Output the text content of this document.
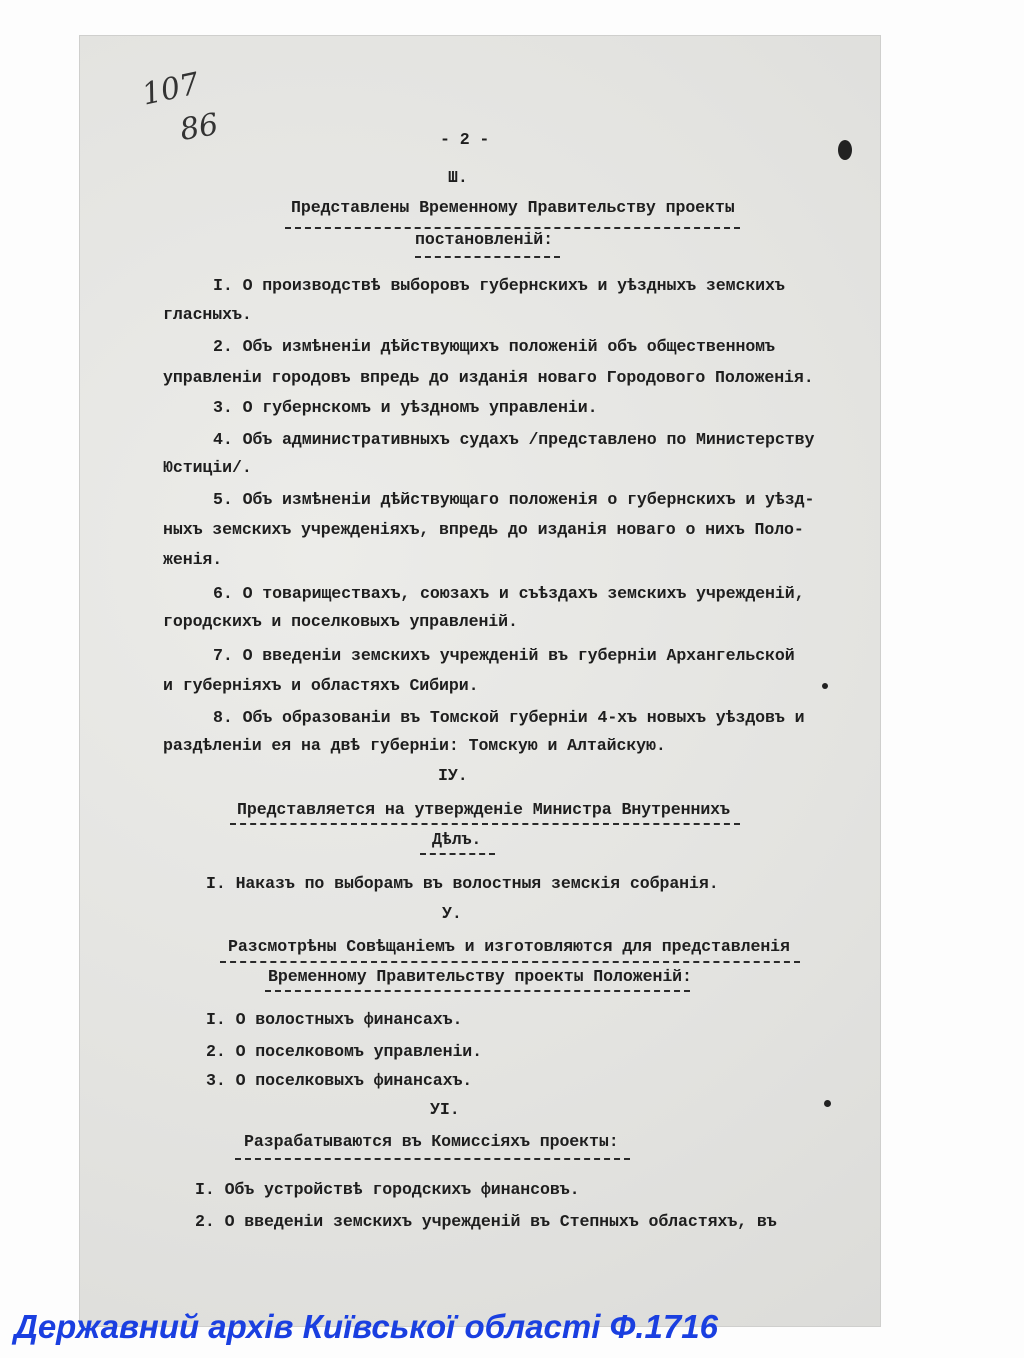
107
86	- 2 -
Ш.
Представлены Временному Правительству проекты
постановленій:
I. О производствѣ выборовъ губернскихъ и уѣздныхъ земскихъ
гласныхъ.
2. Объ измѣненіи дѣйствующихъ положеній объ общественномъ
управленіи городовъ впредь до изданія новаго Городового Положенія.
3. О губернскомъ и уѣздномъ управленіи.
4. Объ административныхъ судахъ /представлено по Министерству
Юстиціи/.
5. Объ измѣненіи дѣйствующаго положенія о губернскихъ и уѣзд-
ныхъ земскихъ учрежденіяхъ, впредь до изданія новаго о нихъ Поло-
женія.
6. О товариществахъ, союзахъ и съѣздахъ земскихъ учрежденій,
городскихъ и поселковыхъ управленій.
7. О введеніи земскихъ учрежденій въ губерніи Архангельской
и губерніяхъ и областяхъ Сибири.
8. Объ образованіи въ Томской губерніи 4-хъ новыхъ уѣздовъ и
раздѣленіи ея на двѣ губерніи: Томскую и Алтайскую.
IУ.
Представляется на утвержденіе Министра Внутреннихъ
Дѣлъ.
I. Наказъ по выборамъ въ волостныя земскія собранія.
У.
Разсмотрѣны Совѣщаніемъ и изготовляются для представленія
Временному Правительству проекты Положеній:
I. О волостныхъ финансахъ.
2. О поселковомъ управленіи.
3. О поселковыхъ финансахъ.
УI.
Разрабатываются въ Комиссіяхъ проекты:
I. Объ устройствѣ городскихъ финансовъ.
2. О введеніи земскихъ учрежденій въ Степныхъ областяхъ, въ
Державний архів Київської області Ф.1716
